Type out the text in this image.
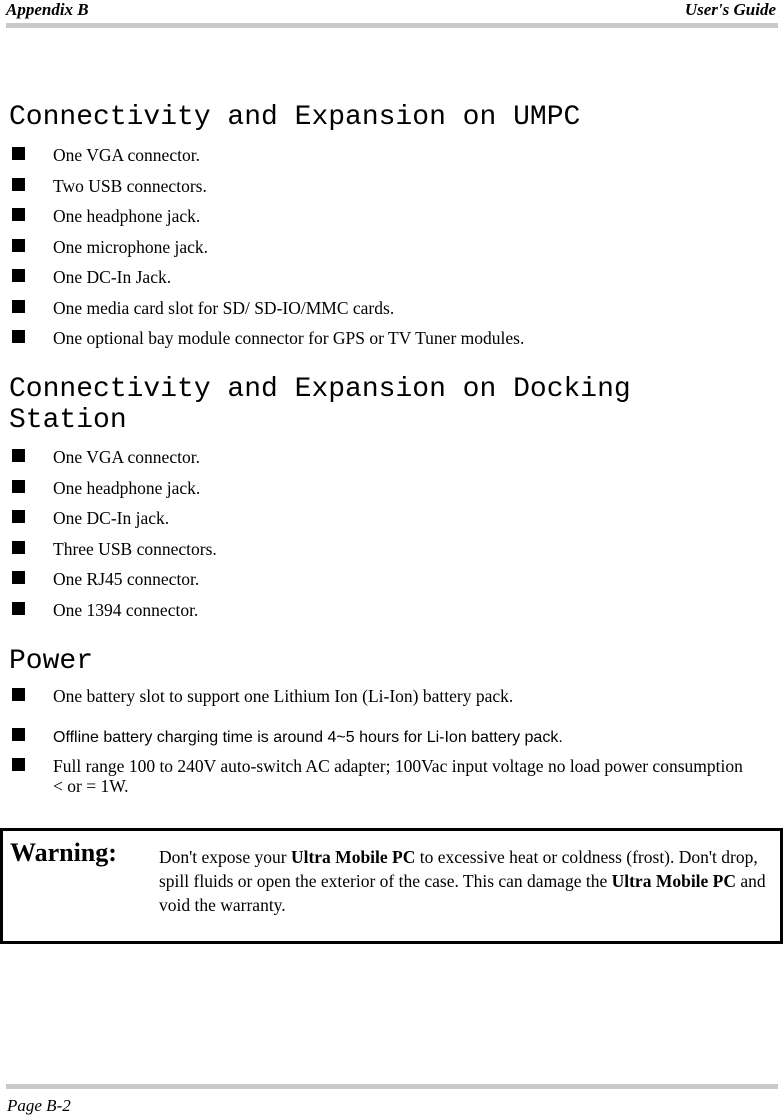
Appendix B	User's Guide
Connectivity and Expansion on UMPC
One VGA connector.
Two USB connectors.
One headphone jack.
One microphone jack.
One DC-In Jack.
One media card slot for SD/ SD-IO/MMC cards.
One optional bay module connector for GPS or TV Tuner modules.
Connectivity and Expansion on Docking Station
One VGA connector.
One headphone jack.
One DC-In jack.
Three USB connectors.
One RJ45 connector.
One 1394 connector.
Power
One battery slot to support one Lithium Ion (Li-Ion) battery pack.
Offline battery charging time is around 4~5 hours for Li-Ion battery pack.
Full range 100 to 240V auto-switch AC adapter; 100Vac input voltage no load power consumption < or = 1W.
Warning: Don't expose your Ultra Mobile PC to excessive heat or coldness (frost). Don't drop, spill fluids or open the exterior of the case. This can damage the Ultra Mobile PC and void the warranty.
Page B-2
